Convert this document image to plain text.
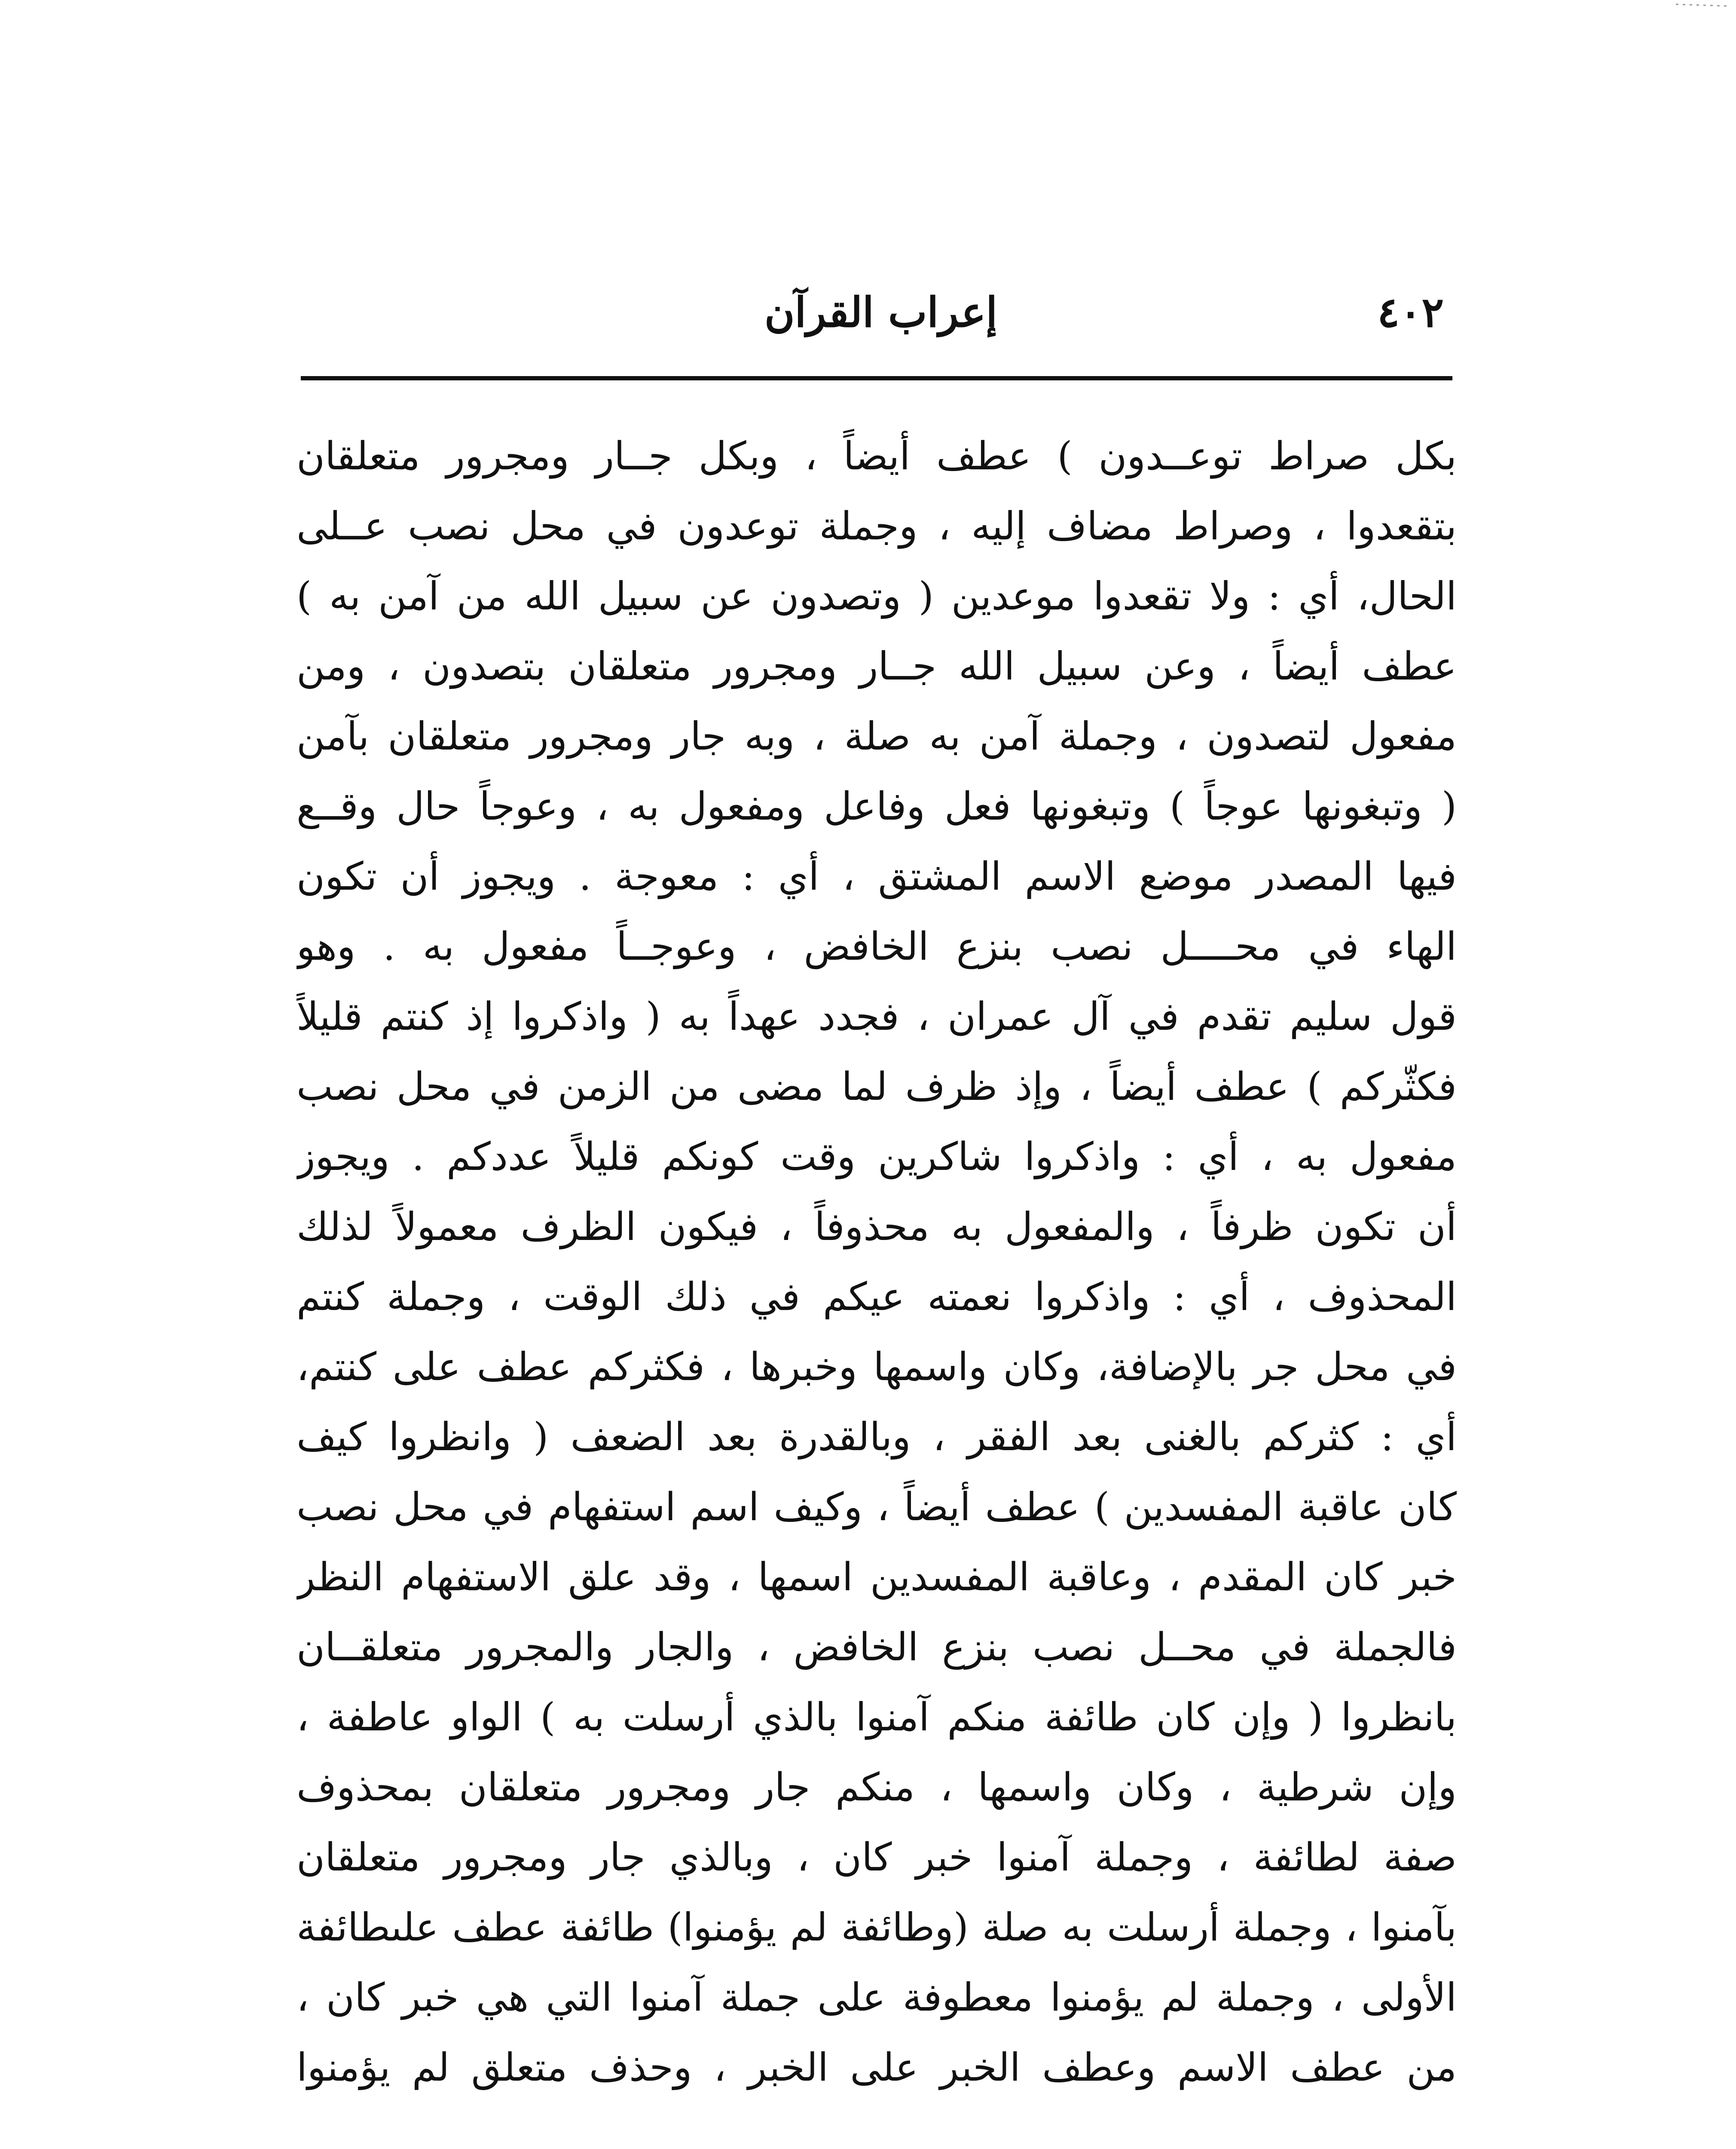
٤٠٢
إعراب القرآن
بكل صراط توعــدون ) عطف أيضاً ، وبكل جــار ومجرور متعلقان
بتقعدوا ، وصراط مضاف إليه ، وجملة توعدون في محل نصب عــلى
الحال، أي : ولا تقعدوا موعدين ( وتصدون عن سبيل الله من آمن به )
عطف أيضاً ، وعن سبيل الله جــار ومجرور متعلقان بتصدون ، ومن
مفعول لتصدون ، وجملة آمن به صلة ، وبه جار ومجرور متعلقان بآمن
( وتبغونها عوجاً ) وتبغونها فعل وفاعل ومفعول به ، وعوجاً حال وقــع
فيها المصدر موضع الاسم المشتق ، أي : معوجة . ويجوز أن تكون
الهاء في محــــل نصب بنزع الخافض ، وعوجــاً مفعول به . وهو
قول سليم تقدم في آل عمران ، فجدد عهداً به ( واذكروا إذ كنتم قليلاً
فكثّركم ) عطف أيضاً ، وإذ ظرف لما مضى من الزمن في محل نصب
مفعول به ، أي : واذكروا شاكرين وقت كونكم قليلاً عددكم . ويجوز
أن تكون ظرفاً ، والمفعول به محذوفاً ، فيكون الظرف معمولاً لذلك
المحذوف ، أي : واذكروا نعمته عيكم في ذلك الوقت ، وجملة كنتم
في محل جر بالإضافة، وكان واسمها وخبرها ، فكثركم عطف على كنتم،
أي : كثركم بالغنى بعد الفقر ، وبالقدرة بعد الضعف ( وانظروا كيف
كان عاقبة المفسدين ) عطف أيضاً ، وكيف اسم استفهام في محل نصب
خبر كان المقدم ، وعاقبة المفسدين اسمها ، وقد علق الاستفهام النظر
فالجملة في محــل نصب بنزع الخافض ، والجار والمجرور متعلقــان
بانظروا ( وإن كان طائفة منكم آمنوا بالذي أرسلت به ) الواو عاطفة ،
وإن شرطية ، وكان واسمها ، منكم جار ومجرور متعلقان بمحذوف
صفة لطائفة ، وجملة آمنوا خبر كان ، وبالذي جار ومجرور متعلقان
بآمنوا ، وجملة أرسلت به صلة (وطائفة لم يؤمنوا) طائفة عطف علىطائفة
الأولى ، وجملة لم يؤمنوا معطوفة على جملة آمنوا التي هي خبر كان ،
من عطف الاسم وعطف الخبر على الخبر ، وحذف متعلق لم يؤمنوا
